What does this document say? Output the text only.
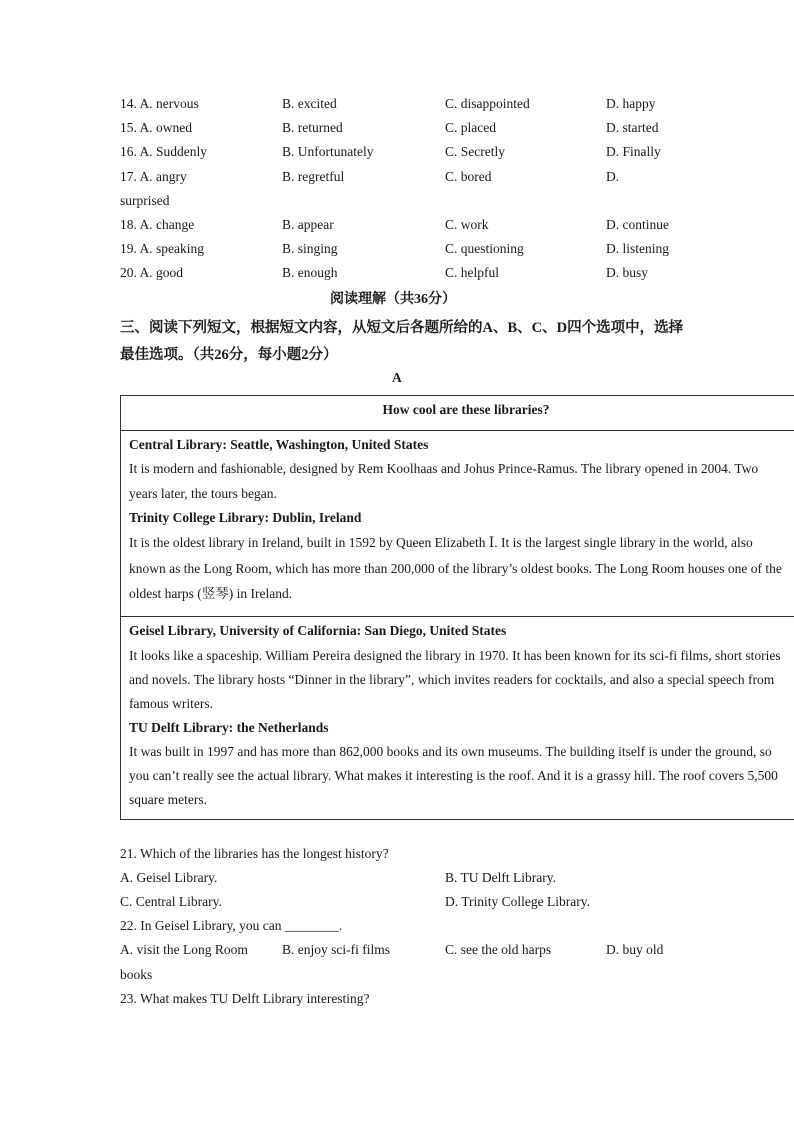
14. A. nervous	B. excited	C. disappointed	D. happy
15. A. owned	B. returned	C. placed	D. started
16. A. Suddenly	B. Unfortunately	C. Secretly	D. Finally
17. A. angry	B. regretful	C. bored	D.
surprised
18. A. change	B. appear	C. work	D. continue
19. A. speaking	B. singing	C. questioning	D. listening
20. A. good	B. enough	C. helpful	D. busy
阅读理解（共36分）
三、阅读下列短文，根据短文内容，从短文后各题所给的A、B、C、D四个选项中，选择
最佳选项。（共26分，每小题2分）
A
How cool are these libraries?
Central Library: Seattle, Washington, United States
It is modern and fashionable, designed by Rem Koolhaas and Johus Prince-Ramus. The library opened in 2004. Two
years later, the tours began.
Trinity College Library: Dublin, Ireland
It is the oldest library in Ireland, built in 1592 by Queen Elizabeth Ⅰ. It is the largest single library in the world, also
known as the Long Room, which has more than 200,000 of the library’s oldest books. The Long Room houses one of the
oldest harps (竖琴) in Ireland.
Geisel Library, University of California: San Diego, United States
It looks like a spaceship. William Pereira designed the library in 1970. It has been known for its sci-fi films, short stories
and novels. The library hosts “Dinner in the library”, which invites readers for cocktails, and also a special speech from
famous writers.
TU Delft Library: the Netherlands
It was built in 1997 and has more than 862,000 books and its own museums. The building itself is under the ground, so
you can’t really see the actual library. What makes it interesting is the roof. And it is a grassy hill. The roof covers 5,500
square meters.
21. Which of the libraries has the longest history?
A. Geisel Library.	B. TU Delft Library.
C. Central Library.	D. Trinity College Library.
22. In Geisel Library, you can ________.
A. visit the Long Room	B. enjoy sci-fi films	C. see the old harps	D. buy old
books
23. What makes TU Delft Library interesting?
